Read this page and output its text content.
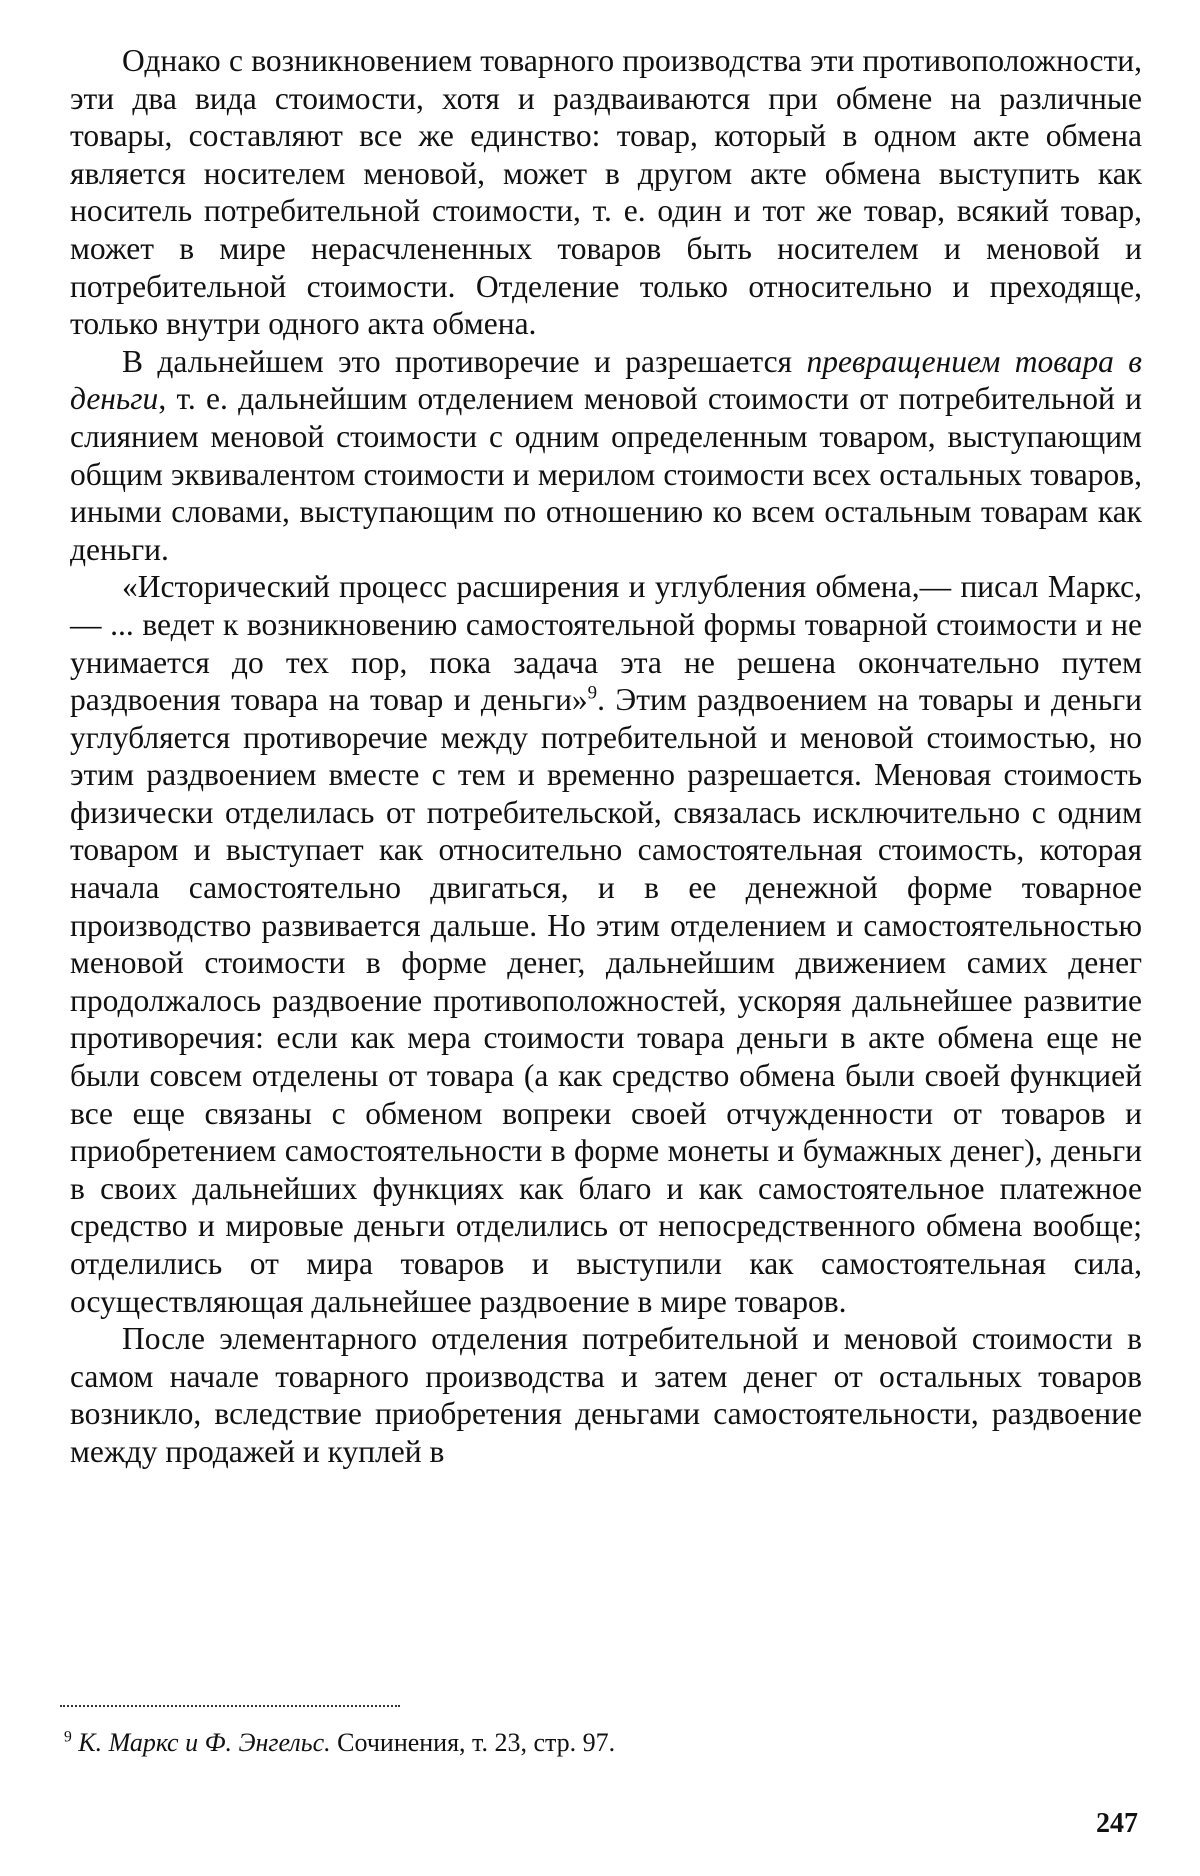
Однако с возникновением товарного производства эти противоположности, эти два вида стоимости, хотя и раздваиваются при обмене на различные товары, составляют все же единство: товар, который в одном акте обмена является носителем меновой, может в другом акте обмена выступить как носитель потребительной стоимости, т. е. один и тот же товар, всякий товар, может в мире нерасчлененных товаров быть носителем и меновой и потребительной стоимости. Отделение только относительно и преходяще, только внутри одного акта обмена.

В дальнейшем это противоречие и разрешается превращением товара в деньги, т. е. дальнейшим отделением меновой стоимости от потребительной и слиянием меновой стоимости с одним определенным товаром, выступающим общим эквивалентом стоимости и мерилом стоимости всех остальных товаров, иными словами, выступающим по отношению ко всем остальным товарам как деньги.

«Исторический процесс расширения и углубления обмена,— писал Маркс,— ... ведет к возникновению самостоятельной формы товарной стоимости и не унимается до тех пор, пока задача эта не решена окончательно путем раздвоения товара на товар и деньги»$^9$. Этим раздвоением на товары и деньги углубляется противоречие между потребительной и меновой стоимостью, но этим раздвоением вместе с тем и временно разрешается. Меновая стоимость физически отделилась от потребительской, связалась исключительно с одним товаром и выступает как относительно самостоятельная стоимость, которая начала самостоятельно двигаться, и в ее денежной форме товарное производство развивается дальше. Но этим отделением и самостоятельностью меновой стоимости в форме денег, дальнейшим движением самих денег продолжалось раздвоение противоположностей, ускоряя дальнейшее развитие противоречия: если как мера стоимости товара деньги в акте обмена еще не были совсем отделены от товара (а как средство обмена были своей функцией все еще связаны с обменом вопреки своей отчужденности от товаров и приобретением самостоятельности в форме монеты и бумажных денег), деньги в своих дальнейших функциях как благо и как самостоятельное платежное средство и мировые деньги отделились от непосредственного обмена вообще; отделились от мира товаров и выступили как самостоятельная сила, осуществляющая дальнейшее раздвоение в мире товаров.

После элементарного отделения потребительной и меновой стоимости в самом начале товарного производства и затем денег от остальных товаров возникло, вследствие приобретения деньгами самостоятельности, раздвоение между продажей и куплей в

$^9$ К. Маркс и Ф. Энгельс. Сочинения, т. 23, стр. 97.
247
